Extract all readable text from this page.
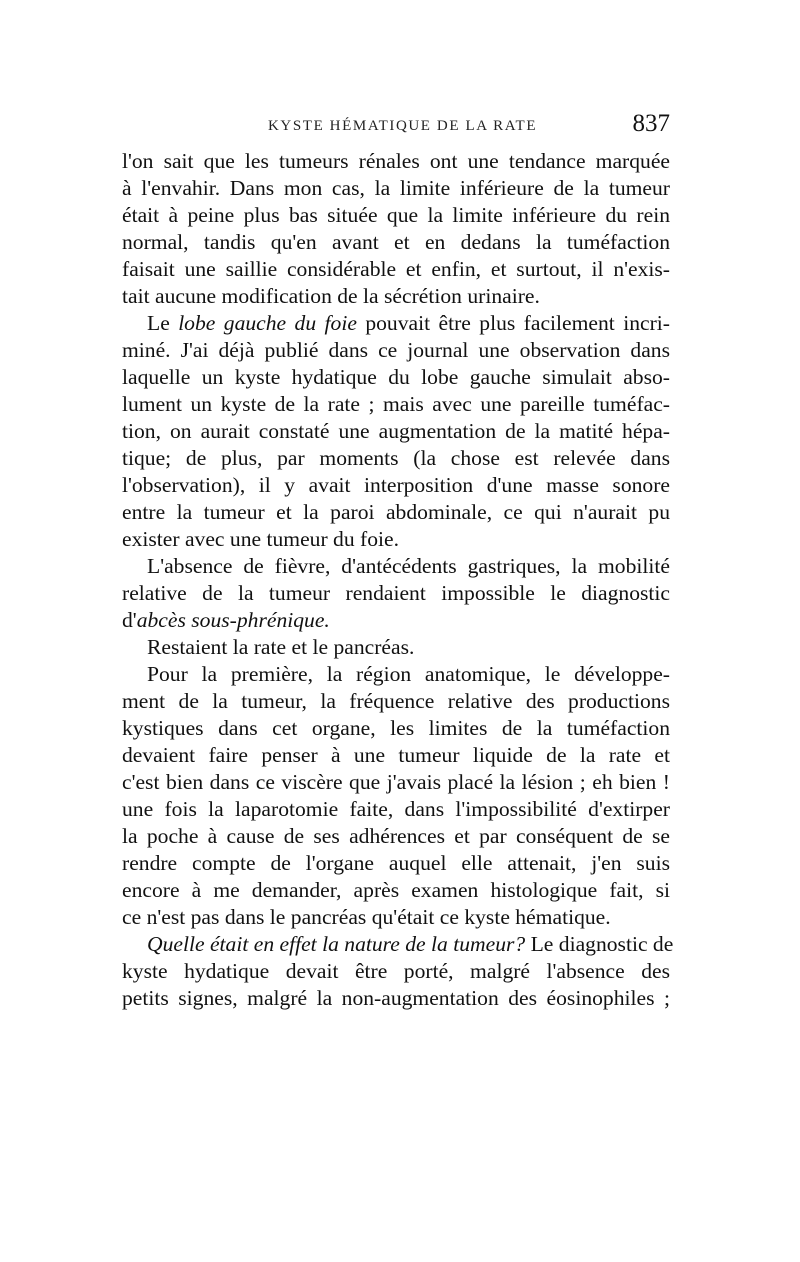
KYSTE HÉMATIQUE DE LA RATE	837
l'on sait que les tumeurs rénales ont une tendance marquée
à l'envahir. Dans mon cas, la limite inférieure de la tumeur
était à peine plus bas située que la limite inférieure du rein
normal, tandis qu'en avant et en dedans la tuméfaction
faisait une saillie considérable et enfin, et surtout, il n'exis-
tait aucune modification de la sécrétion urinaire.
Le lobe gauche du foie pouvait être plus facilement incri-
miné. J'ai déjà publié dans ce journal une observation dans
laquelle un kyste hydatique du lobe gauche simulait abso-
lument un kyste de la rate ; mais avec une pareille tuméfac-
tion, on aurait constaté une augmentation de la matité hépa-
tique; de plus, par moments (la chose est relevée dans
l'observation), il y avait interposition d'une masse sonore
entre la tumeur et la paroi abdominale, ce qui n'aurait pu
exister avec une tumeur du foie.
L'absence de fièvre, d'antécédents gastriques, la mobilité
relative de la tumeur rendaient impossible le diagnostic
d'abcès sous-phrénique.
Restaient la rate et le pancréas.
Pour la première, la région anatomique, le développe-
ment de la tumeur, la fréquence relative des productions
kystiques dans cet organe, les limites de la tuméfaction
devaient faire penser à une tumeur liquide de la rate et
c'est bien dans ce viscère que j'avais placé la lésion ; eh bien !
une fois la laparotomie faite, dans l'impossibilité d'extirper
la poche à cause de ses adhérences et par conséquent de se
rendre compte de l'organe auquel elle attenait, j'en suis
encore à me demander, après examen histologique fait, si
ce n'est pas dans le pancréas qu'était ce kyste hématique.
Quelle était en effet la nature de la tumeur? Le diagnostic de
kyste hydatique devait être porté, malgré l'absence des
petits signes, malgré la non-augmentation des éosinophiles ;
